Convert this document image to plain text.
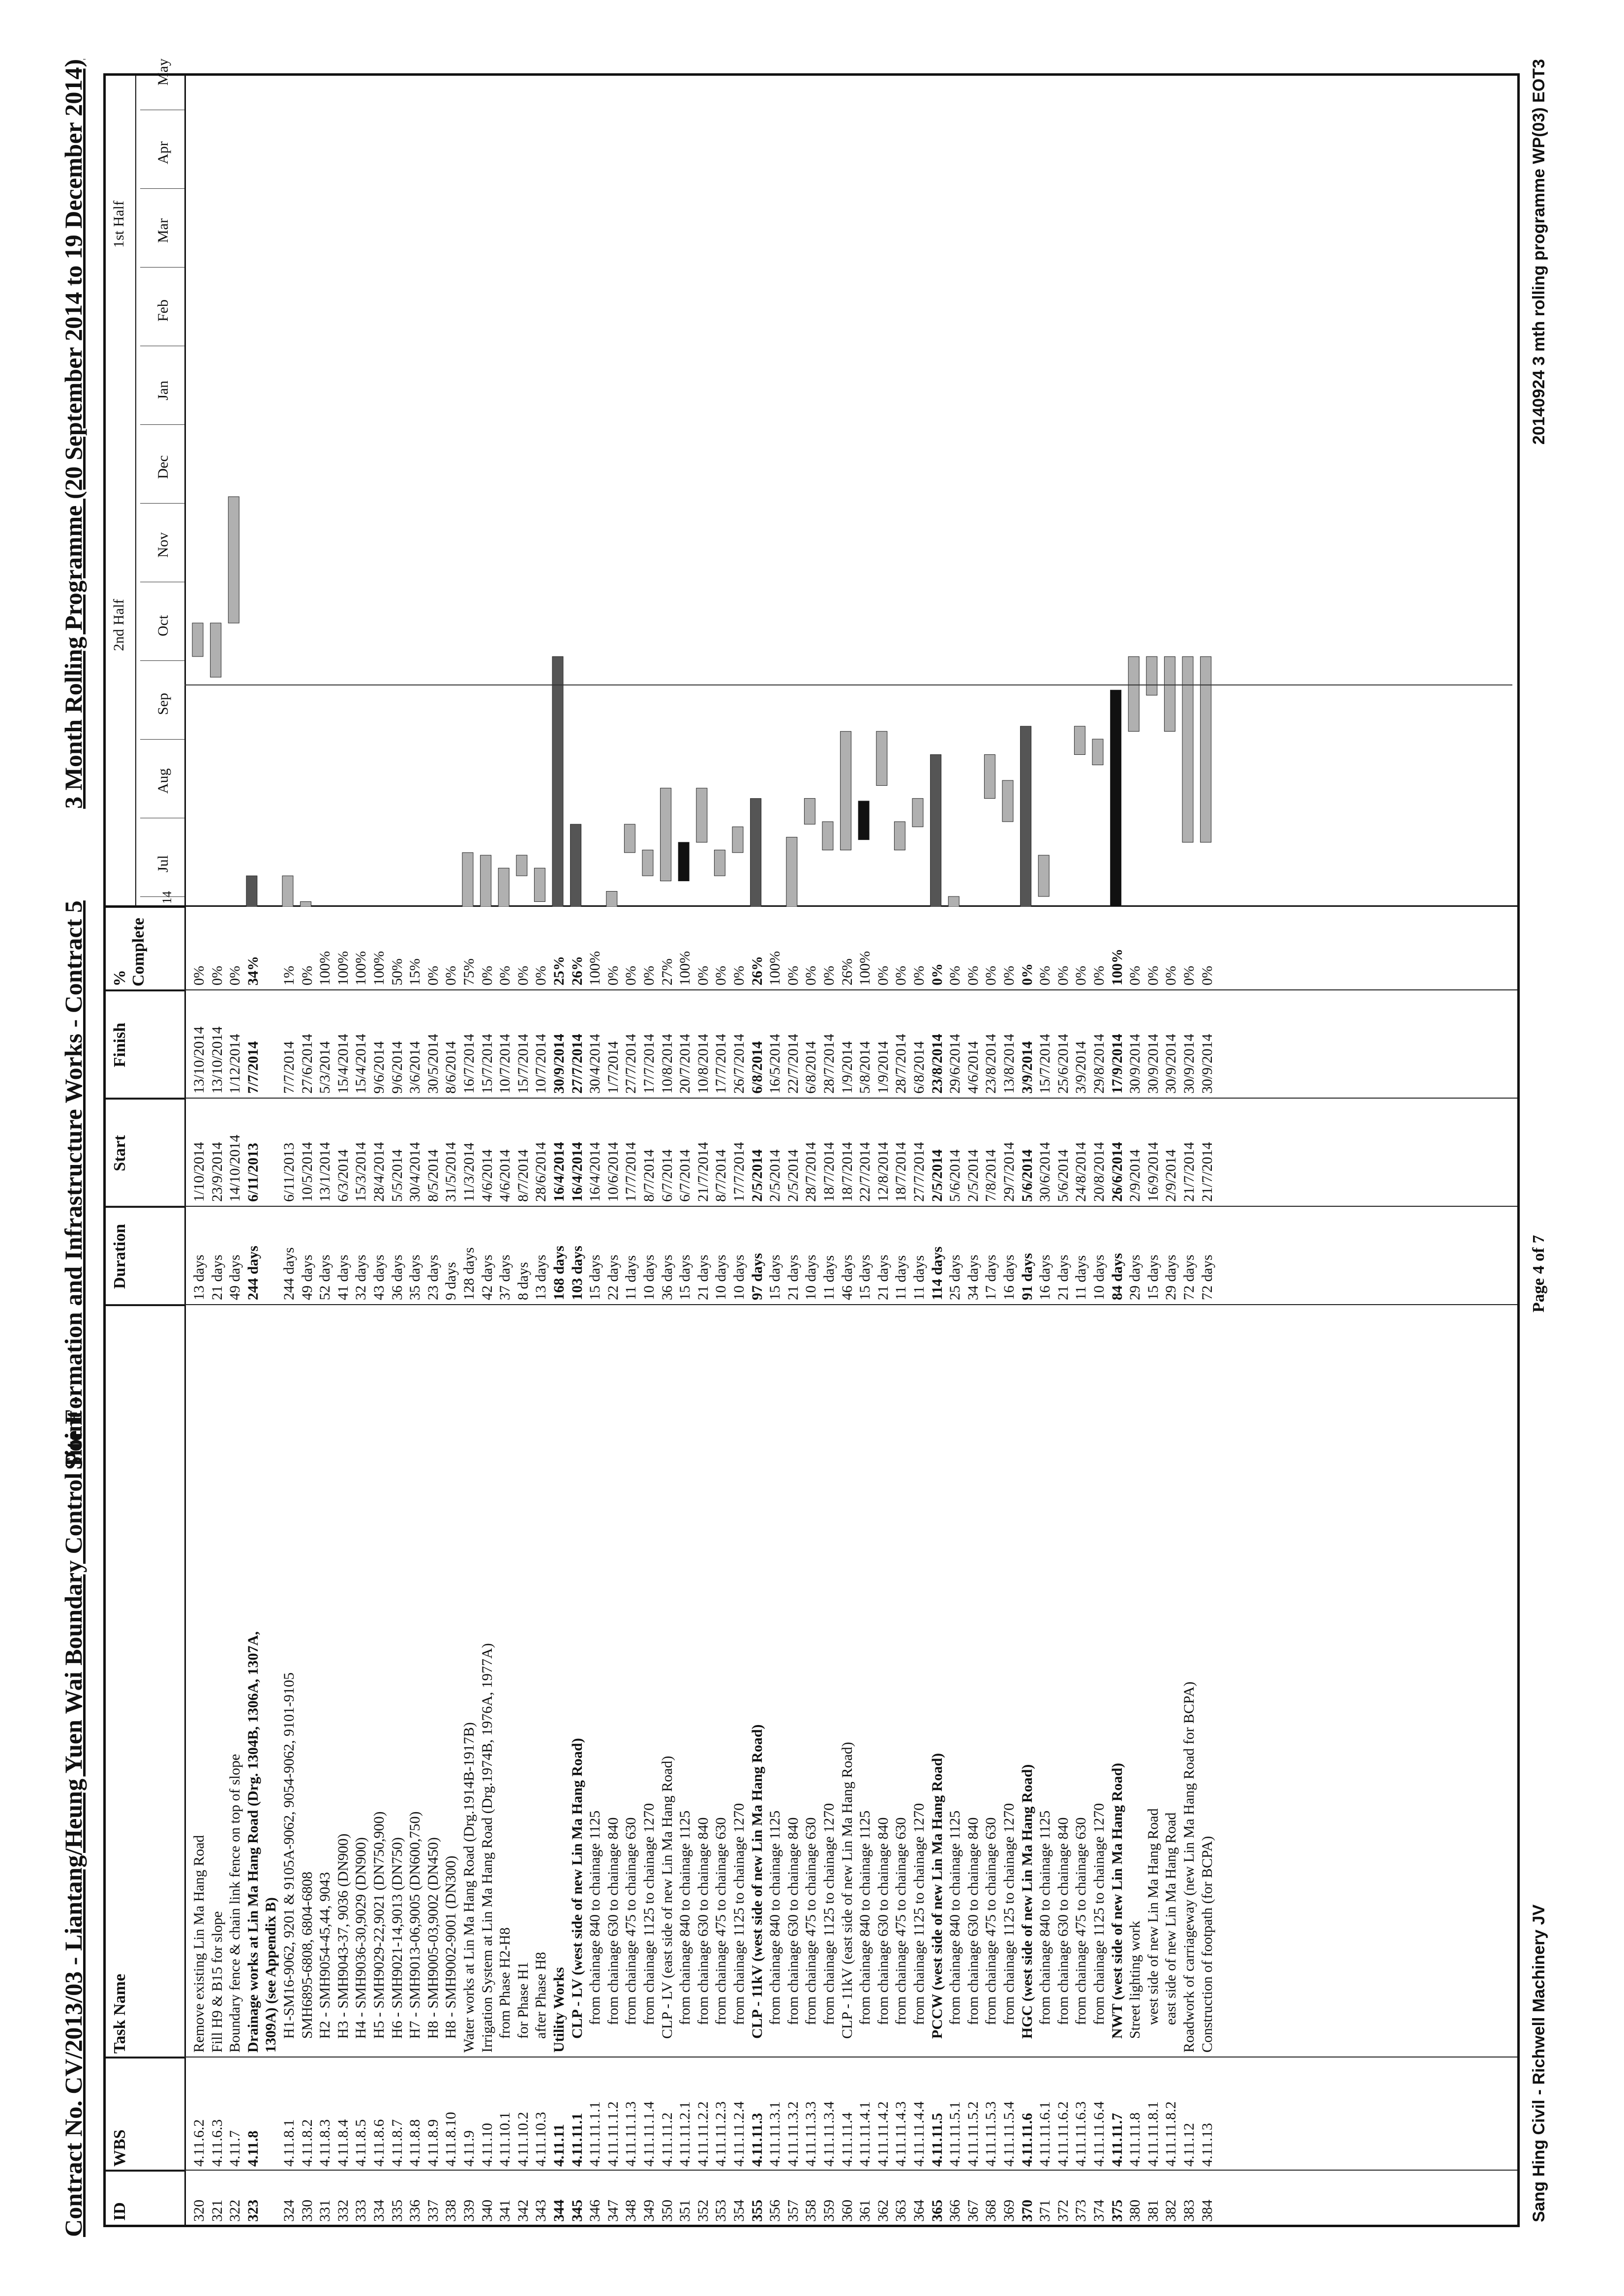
Contract No. CV/2013/03 - Liantang/Heung Yuen Wai Boundary Control Point -
Site Formation and Infrastructure Works - Contract 5
3 Month Rolling Programme (20 September 2014 to 19 December 2014)
ID
WBS
Task Name
Duration
Start
Finish
% Complete
14
2nd Half
1st Half
Jul
Aug
Sep
Oct
Nov
Dec
Jan
Feb
Mar
Apr
May
320
4.11.6.2
Remove existing Lin Ma Hang Road
13 days
1/10/2014
13/10/2014
0%
321
4.11.6.3
Fill H9 & B15 for slope
21 days
23/9/2014
13/10/2014
0%
322
4.11.7
Boundary fence & chain link fence on top of slope
49 days
14/10/2014
1/12/2014
0%
323
4.11.8
Drainage works at Lin Ma Hang Road (Drg. 1304B, 1306A, 1307A,
244 days
6/11/2013
7/7/2014
34%
1309A) (see Appendix B)
324
4.11.8.1
H1-SM16-9062, 9201 & 9105A-9062, 9054-9062, 9101-9105
244 days
6/11/2013
7/7/2014
1%
330
4.11.8.2
SMH6895-6808, 6804-6808
49 days
10/5/2014
27/6/2014
0%
331
4.11.8.3
H2 - SMH9054-45,44, 9043
52 days
13/1/2014
5/3/2014
100%
332
4.11.8.4
H3 - SMH9043-37, 9036 (DN900)
41 days
6/3/2014
15/4/2014
100%
333
4.11.8.5
H4 - SMH9036-30,9029 (DN900)
32 days
15/3/2014
15/4/2014
100%
334
4.11.8.6
H5 - SMH9029-22,9021 (DN750,900)
43 days
28/4/2014
9/6/2014
100%
335
4.11.8.7
H6 - SMH9021-14,9013 (DN750)
36 days
5/5/2014
9/6/2014
50%
336
4.11.8.8
H7 - SMH9013-06,9005 (DN600,750)
35 days
30/4/2014
3/6/2014
15%
337
4.11.8.9
H8 - SMH9005-03,9002 (DN450)
23 days
8/5/2014
30/5/2014
0%
338
4.11.8.10
H8 - SMH9002-9001 (DN300)
9 days
31/5/2014
8/6/2014
0%
339
4.11.9
Water works at Lin Ma Hang Road (Drg.1914B-1917B)
128 days
11/3/2014
16/7/2014
75%
340
4.11.10
Irrigation System at Lin Ma Hang Road (Drg.1974B, 1976A, 1977A)
42 days
4/6/2014
15/7/2014
0%
341
4.11.10.1
from Phase H2-H8
37 days
4/6/2014
10/7/2014
0%
342
4.11.10.2
for Phase H1
8 days
8/7/2014
15/7/2014
0%
343
4.11.10.3
after Phase H8
13 days
28/6/2014
10/7/2014
0%
344
4.11.11
Utility Works
168 days
16/4/2014
30/9/2014
25%
345
4.11.11.1
CLP - LV (west side of new Lin Ma Hang Road)
103 days
16/4/2014
27/7/2014
26%
346
4.11.11.1.1
from chainage 840 to chainage 1125
15 days
16/4/2014
30/4/2014
100%
347
4.11.11.1.2
from chainage 630 to chainage 840
22 days
10/6/2014
1/7/2014
0%
348
4.11.11.1.3
from chainage 475 to chainage 630
11 days
17/7/2014
27/7/2014
0%
349
4.11.11.1.4
from chainage 1125 to chainage 1270
10 days
8/7/2014
17/7/2014
0%
350
4.11.11.2
CLP - LV (east side of new Lin Ma Hang Road)
36 days
6/7/2014
10/8/2014
27%
351
4.11.11.2.1
from chainage 840 to chainage 1125
15 days
6/7/2014
20/7/2014
100%
352
4.11.11.2.2
from chainage 630 to chainage 840
21 days
21/7/2014
10/8/2014
0%
353
4.11.11.2.3
from chainage 475 to chainage 630
10 days
8/7/2014
17/7/2014
0%
354
4.11.11.2.4
from chainage 1125 to chainage 1270
10 days
17/7/2014
26/7/2014
0%
355
4.11.11.3
CLP - 11kV (west side of new Lin Ma Hang Road)
97 days
2/5/2014
6/8/2014
26%
356
4.11.11.3.1
from chainage 840 to chainage 1125
15 days
2/5/2014
16/5/2014
100%
357
4.11.11.3.2
from chainage 630 to chainage 840
21 days
2/5/2014
22/7/2014
0%
358
4.11.11.3.3
from chainage 475 to chainage 630
10 days
28/7/2014
6/8/2014
0%
359
4.11.11.3.4
from chainage 1125 to chainage 1270
11 days
18/7/2014
28/7/2014
0%
360
4.11.11.4
CLP - 11kV (east side of new Lin Ma Hang Road)
46 days
18/7/2014
1/9/2014
26%
361
4.11.11.4.1
from chainage 840 to chainage 1125
15 days
22/7/2014
5/8/2014
100%
362
4.11.11.4.2
from chainage 630 to chainage 840
21 days
12/8/2014
1/9/2014
0%
363
4.11.11.4.3
from chainage 475 to chainage 630
11 days
18/7/2014
28/7/2014
0%
364
4.11.11.4.4
from chainage 1125 to chainage 1270
11 days
27/7/2014
6/8/2014
0%
365
4.11.11.5
PCCW (west side of new Lin Ma Hang Road)
114 days
2/5/2014
23/8/2014
0%
366
4.11.11.5.1
from chainage 840 to chainage 1125
25 days
5/6/2014
29/6/2014
0%
367
4.11.11.5.2
from chainage 630 to chainage 840
34 days
2/5/2014
4/6/2014
0%
368
4.11.11.5.3
from chainage 475 to chainage 630
17 days
7/8/2014
23/8/2014
0%
369
4.11.11.5.4
from chainage 1125 to chainage 1270
16 days
29/7/2014
13/8/2014
0%
370
4.11.11.6
HGC (west side of new Lin Ma Hang Road)
91 days
5/6/2014
3/9/2014
0%
371
4.11.11.6.1
from chainage 840 to chainage 1125
16 days
30/6/2014
15/7/2014
0%
372
4.11.11.6.2
from chainage 630 to chainage 840
21 days
5/6/2014
25/6/2014
0%
373
4.11.11.6.3
from chainage 475 to chainage 630
11 days
24/8/2014
3/9/2014
0%
374
4.11.11.6.4
from chainage 1125 to chainage 1270
10 days
20/8/2014
29/8/2014
0%
375
4.11.11.7
NWT (west side of new Lin Ma Hang Road)
84 days
26/6/2014
17/9/2014
100%
380
4.11.11.8
Street lighting work
29 days
2/9/2014
30/9/2014
0%
381
4.11.11.8.1
west side of new Lin Ma Hang Road
15 days
16/9/2014
30/9/2014
0%
382
4.11.11.8.2
east side of new Lin Ma Hang Road
29 days
2/9/2014
30/9/2014
0%
383
4.11.12
Roadwork of carriageway (new Lin Ma Hang Road for BCPA)
72 days
21/7/2014
30/9/2014
0%
384
4.11.13
Construction of footpath (for BCPA)
72 days
21/7/2014
30/9/2014
0%
Sang Hing Civil - Richwell Machinery JV
Page 4 of 7
20140924 3 mth rolling programme WP(03) EOT3
